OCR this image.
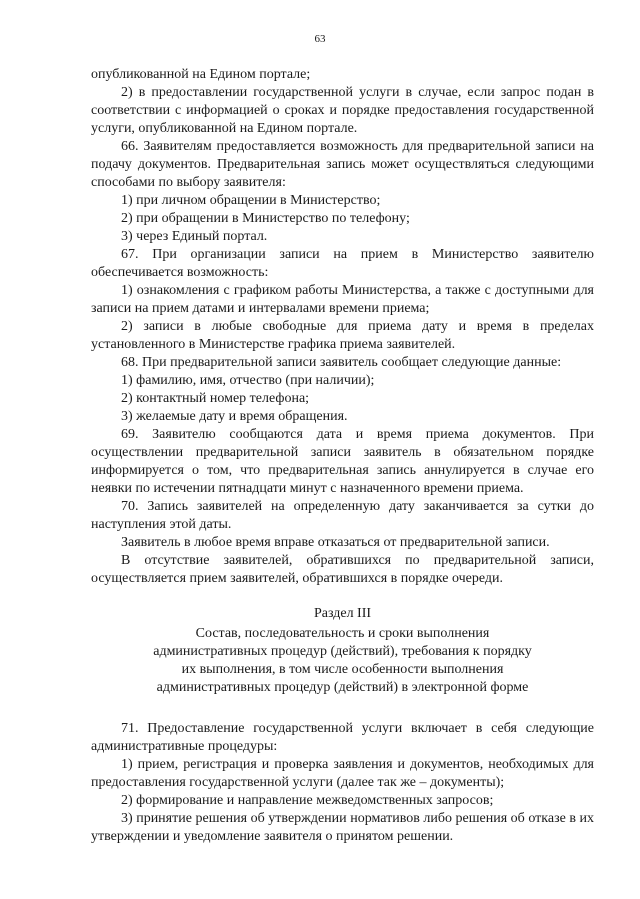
63

опубликованной на Едином портале;

2) в предоставлении государственной услуги в случае, если запрос подан в соответствии с информацией о сроках и порядке предоставления государственной услуги, опубликованной на Едином портале.

66. Заявителям предоставляется возможность для предварительной записи на подачу документов. Предварительная запись может осуществляться следующими способами по выбору заявителя:

1) при личном обращении в Министерство;

2) при обращении в Министерство по телефону;

3) через Единый портал.

67. При организации записи на прием в Министерство заявителю обеспечивается возможность:

1) ознакомления с графиком работы Министерства, а также с доступными для записи на прием датами и интервалами времени приема;

2) записи в любые свободные для приема дату и время в пределах установленного в Министерстве графика приема заявителей.

68. При предварительной записи заявитель сообщает следующие данные:

1) фамилию, имя, отчество (при наличии);

2) контактный номер телефона;

3) желаемые дату и время обращения.

69. Заявителю сообщаются дата и время приема документов. При осуществлении предварительной записи заявитель в обязательном порядке информируется о том, что предварительная запись аннулируется в случае его неявки по истечении пятнадцати минут с назначенного времени приема.

70. Запись заявителей на определенную дату заканчивается за сутки до наступления этой даты.

Заявитель в любое время вправе отказаться от предварительной записи.

В отсутствие заявителей, обратившихся по предварительной записи, осуществляется прием заявителей, обратившихся в порядке очереди.

Раздел III

Состав, последовательность и сроки выполнения

административных процедур (действий), требования к порядку

их выполнения, в том числе особенности выполнения

административных процедур (действий) в электронной форме

71. Предоставление государственной услуги включает в себя следующие административные процедуры:

1) прием, регистрация и проверка заявления и документов, необходимых для предоставления государственной услуги (далее так же – документы);

2) формирование и направление межведомственных запросов;

3) принятие решения об утверждении нормативов либо решения об отказе в их утверждении и уведомление заявителя о принятом решении.
